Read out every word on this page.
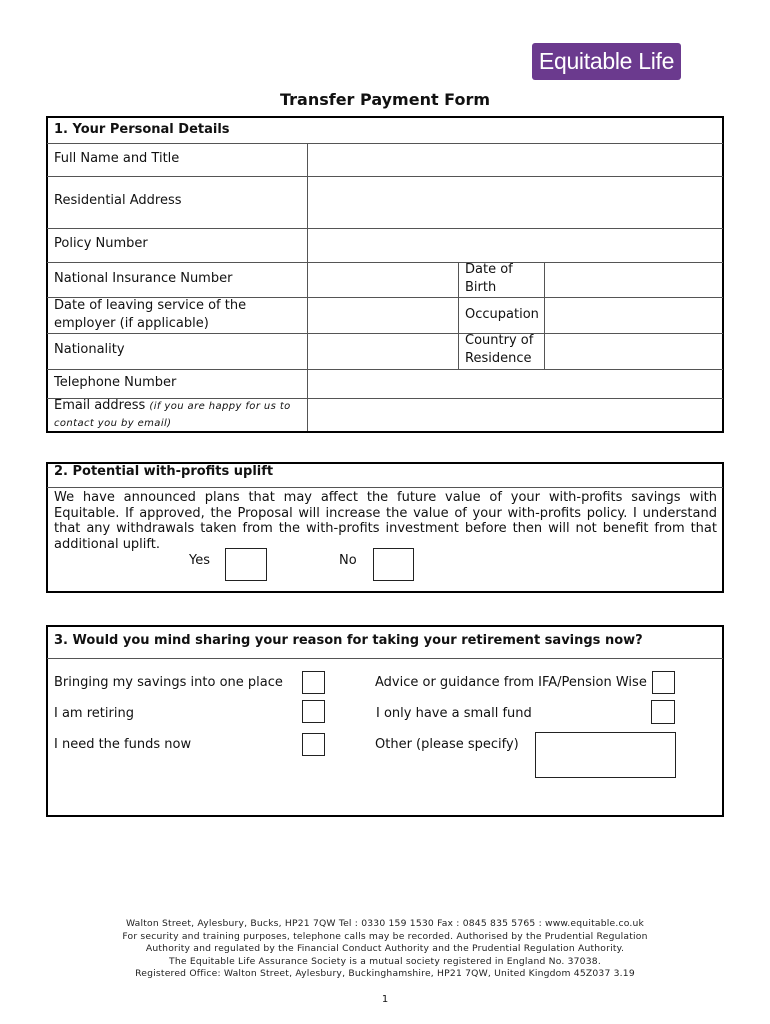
Equitable Life
Transfer Payment Form
1. Your Personal Details
Full Name and Title
Residential Address
Policy Number
National Insurance Number
Date of Birth
Date of leaving service of the employer (if applicable)
Occupation
Nationality
Country of Residence
Telephone Number
Email address (if you are happy for us to contact you by email)
2. Potential with-profits uplift
We have announced plans that may affect the future value of your with-profits savings with Equitable. If approved, the Proposal will increase the value of your with-profits policy. I understand that any withdrawals taken from the with-profits investment before then will not benefit from that additional uplift.
Yes	No
3. Would you mind sharing your reason for taking your retirement savings now?
Bringing my savings into one place
I am retiring
I need the funds now
Advice or guidance from IFA/Pension Wise
I only have a small fund
Other (please specify)
Walton Street, Aylesbury, Bucks, HP21 7QW Tel : 0330 159 1530 Fax : 0845 835 5765 : www.equitable.co.uk
For security and training purposes, telephone calls may be recorded. Authorised by the Prudential Regulation
Authority and regulated by the Financial Conduct Authority and the Prudential Regulation Authority.
The Equitable Life Assurance Society is a mutual society registered in England No. 37038.
Registered Office: Walton Street, Aylesbury, Buckinghamshire, HP21 7QW, United Kingdom 45Z037 3.19
1
